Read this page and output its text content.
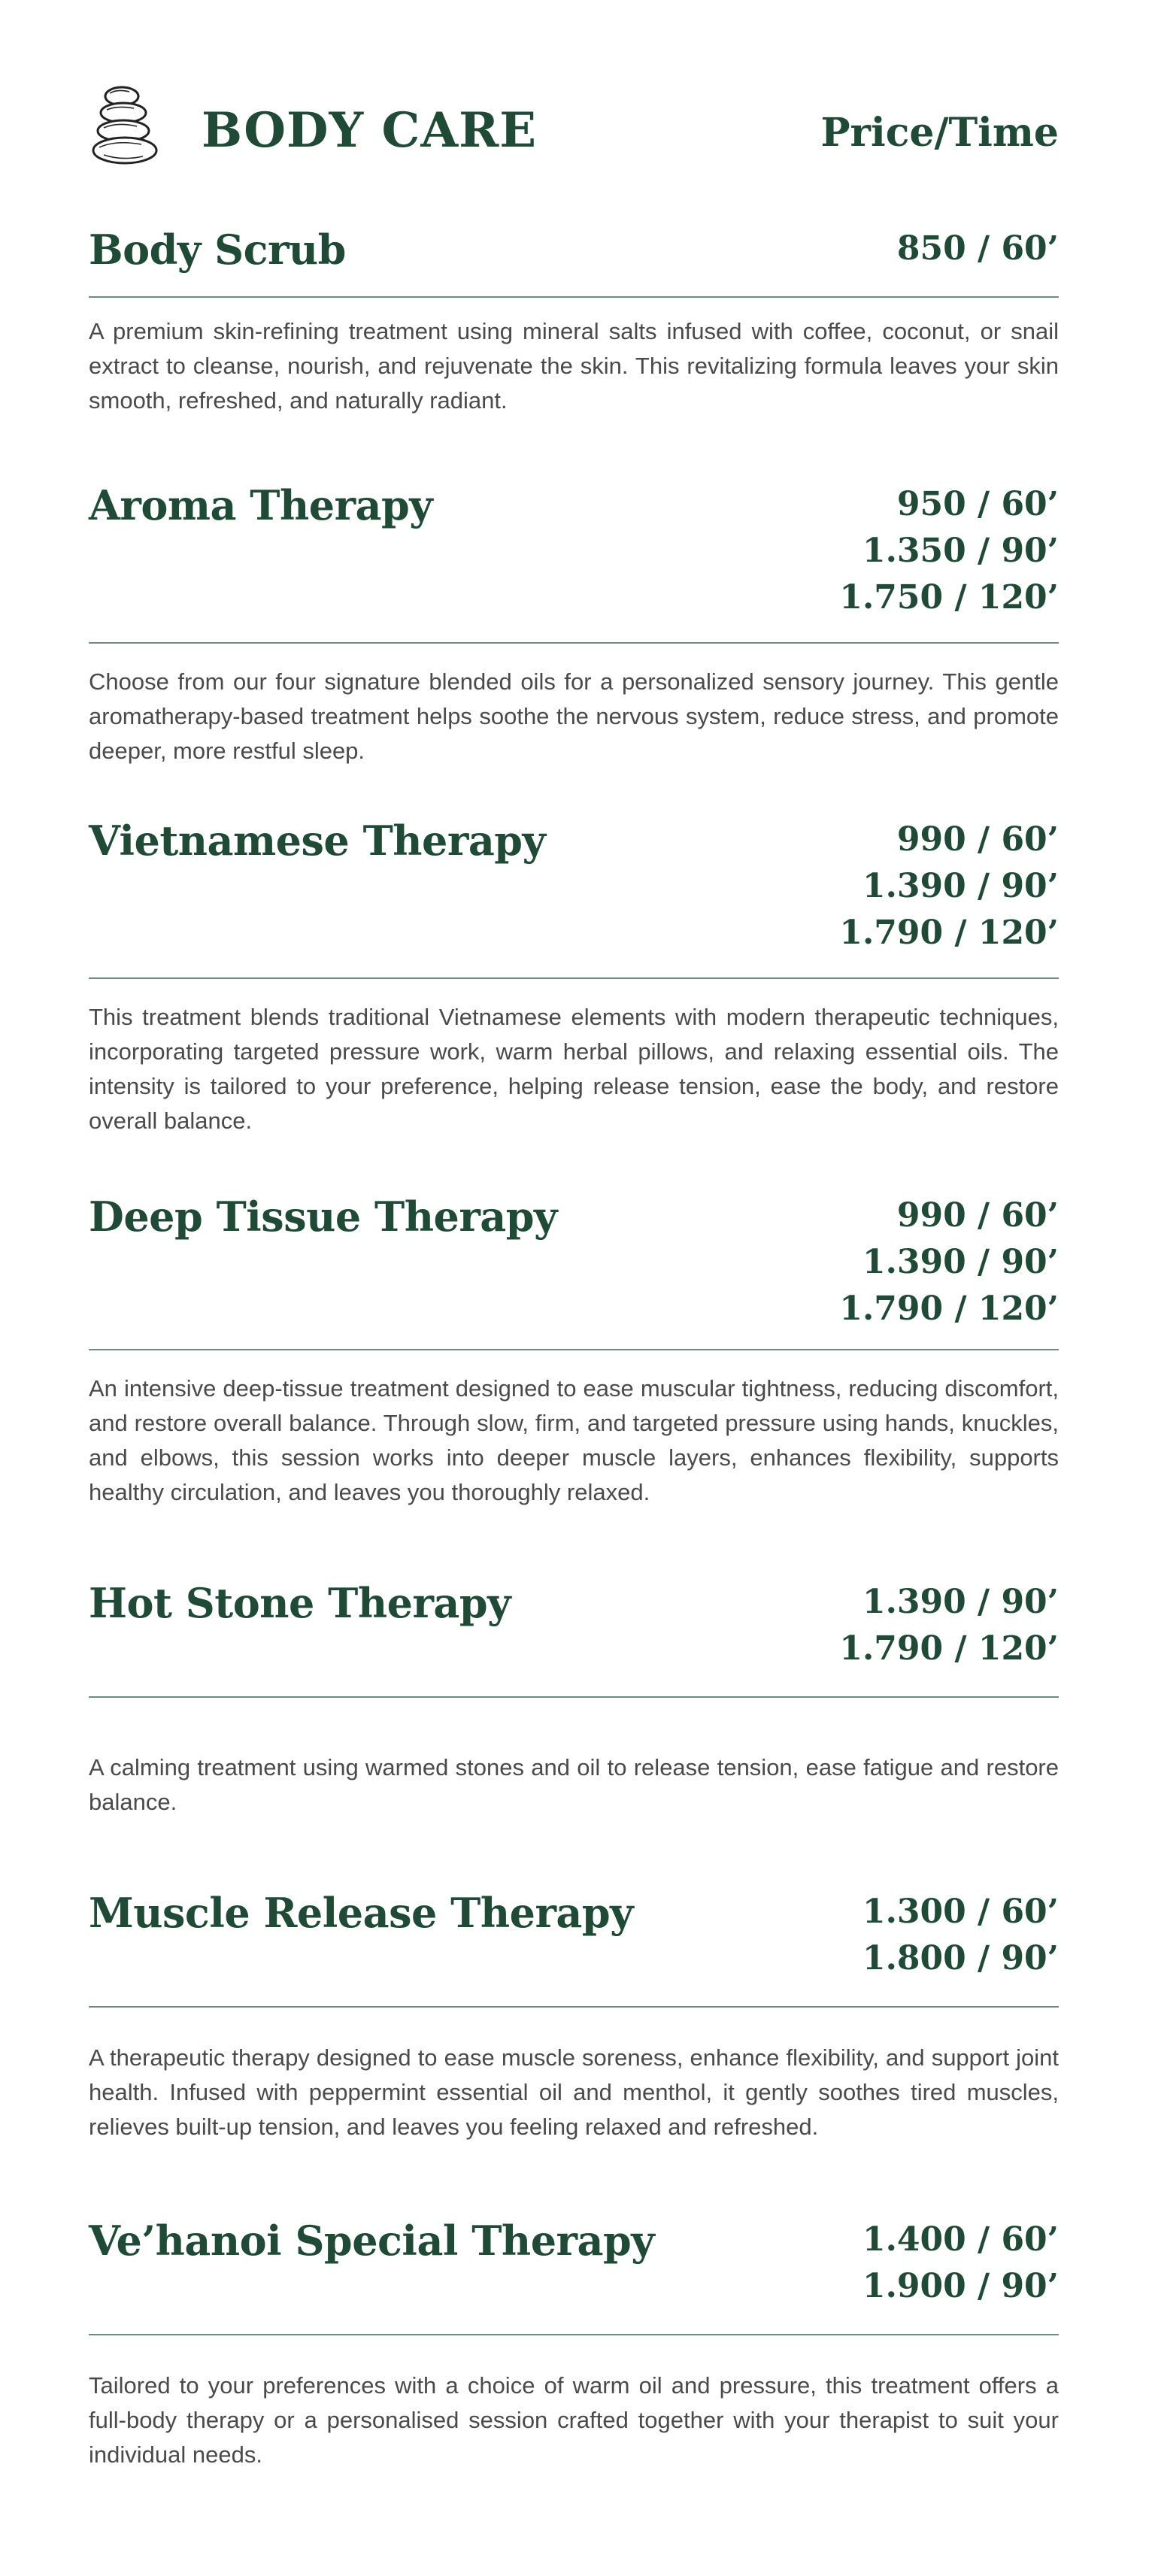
BODY CARE	Price/Time
Body Scrub	850 / 60’
A premium skin-refining treatment using mineral salts infused with coffee, coconut, or snail extract to cleanse, nourish, and rejuvenate the skin. This revitalizing formula leaves your skin smooth, refreshed, and naturally radiant.
Aroma Therapy	950 / 60’
1.350 / 90’
1.750 / 120’
Choose from our four signature blended oils for a personalized sensory journey. This gentle aromatherapy-based treatment helps soothe the nervous system, reduce stress, and promote deeper, more restful sleep.
Vietnamese Therapy	990 / 60’
1.390 / 90’
1.790 / 120’
This treatment blends traditional Vietnamese elements with modern therapeutic techniques, incorporating targeted pressure work, warm herbal pillows, and relaxing essential oils. The intensity is tailored to your preference, helping release tension, ease the body, and restore overall balance.
Deep Tissue Therapy	990 / 60’
1.390 / 90’
1.790 / 120’
An intensive deep-tissue treatment designed to ease muscular tightness, reducing discomfort, and restore overall balance. Through slow, firm, and targeted pressure using hands, knuckles, and elbows, this session works into deeper muscle layers, enhances flexibility, supports healthy circulation, and leaves you thoroughly relaxed.
Hot Stone Therapy	1.390 / 90’
1.790 / 120’
A calming treatment using warmed stones and oil to release tension, ease fatigue and restore balance.
Muscle Release Therapy	1.300 / 60’
1.800 / 90’
A therapeutic therapy designed to ease muscle soreness, enhance flexibility, and support joint health. Infused with peppermint essential oil and menthol, it gently soothes tired muscles, relieves built-up tension, and leaves you feeling relaxed and refreshed.
Ve’hanoi Special Therapy	1.400 / 60’
1.900 / 90’
Tailored to your preferences with a choice of warm oil and pressure, this treatment offers a full-body therapy or a personalised session crafted together with your therapist to suit your individual needs.
